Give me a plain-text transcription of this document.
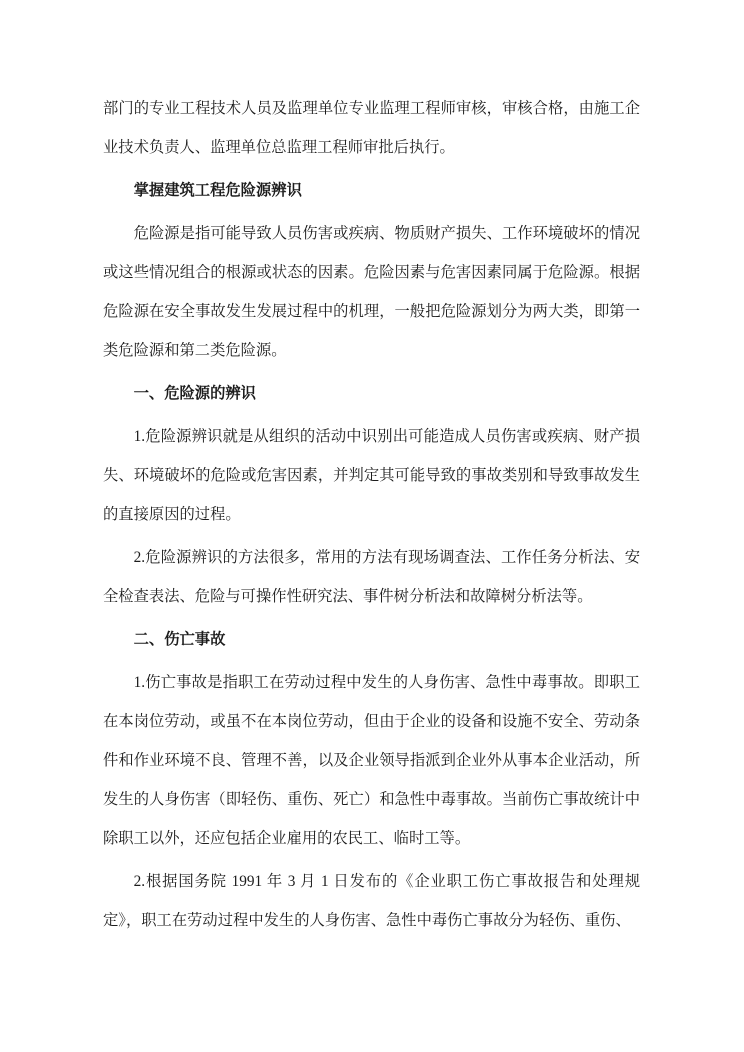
部门的专业工程技术人员及监理单位专业监理工程师审核，审核合格，由施工企业技术负责人、监理单位总监理工程师审批后执行。

掌握建筑工程危险源辨识

危险源是指可能导致人员伤害或疾病、物质财产损失、工作环境破坏的情况或这些情况组合的根源或状态的因素。危险因素与危害因素同属于危险源。根据危险源在安全事故发生发展过程中的机理，一般把危险源划分为两大类，即第一类危险源和第二类危险源。

一、危险源的辨识

1.危险源辨识就是从组织的活动中识别出可能造成人员伤害或疾病、财产损失、环境破坏的危险或危害因素，并判定其可能导致的事故类别和导致事故发生的直接原因的过程。

2.危险源辨识的方法很多，常用的方法有现场调查法、工作任务分析法、安全检查表法、危险与可操作性研究法、事件树分析法和故障树分析法等。

二、伤亡事故

1.伤亡事故是指职工在劳动过程中发生的人身伤害、急性中毒事故。即职工在本岗位劳动，或虽不在本岗位劳动，但由于企业的设备和设施不安全、劳动条件和作业环境不良、管理不善，以及企业领导指派到企业外从事本企业活动，所发生的人身伤害（即轻伤、重伤、死亡）和急性中毒事故。当前伤亡事故统计中除职工以外，还应包括企业雇用的农民工、临时工等。

2.根据国务院 1991 年 3 月 1 日发布的《企业职工伤亡事故报告和处理规定》，职工在劳动过程中发生的人身伤害、急性中毒伤亡事故分为轻伤、重伤、
